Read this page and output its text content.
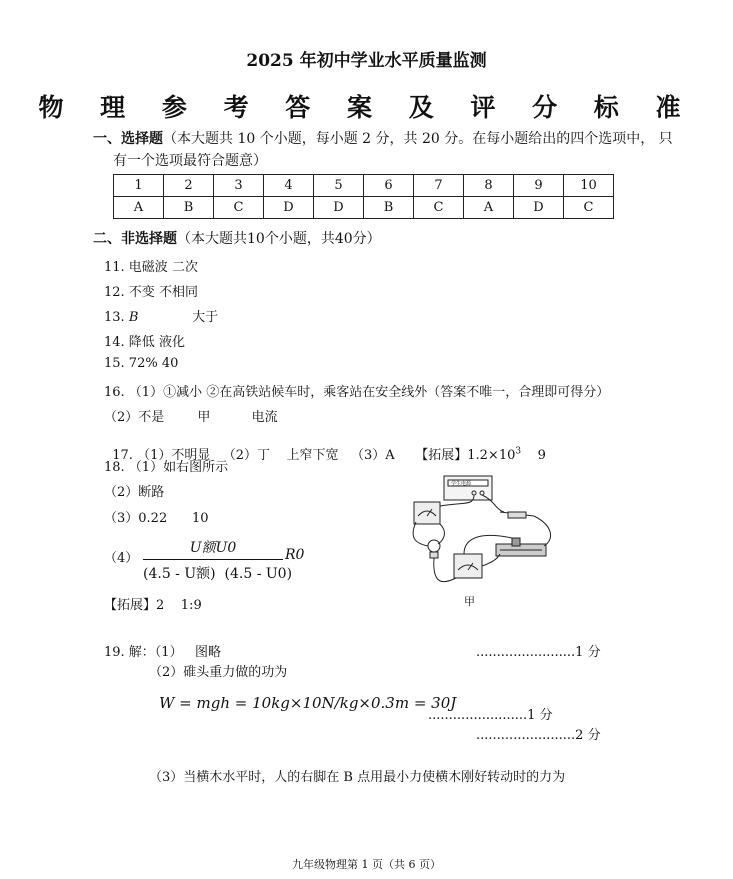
2025 年初中学业水平质量监测
物 理 参 考 答 案 及 评 分 标 准
一、选择题（本大题共 10 个小题，每小题 2 分，共 20 分。在每小题给出的四个选项中， 只
有一个选项最符合题意）
1	2	3	4	5	6	7	8	9	10
A	B	C	D	D	B	C	A	D	C
二、非选择题（本大题共10个小题，共40分）
11. 电磁波 二次
12. 不变 不相同
13. B             大于
14. 降低 液化
15. 72% 40
16. （1）①减小 ②在高铁站候车时，乘客站在安全线外（答案不唯一，合理即可得分）
（2）不是        甲          电流

17. （1）不明显   （2）丁    上窄下宽   （3）A     【拓展】$1.2\times 10^3$    9

18. （1）如右图所示
（2）断路
（3）0.22      10
（4）
U额U0
(4.5 - U额)  (4.5 - U0)
R0
【拓展】2    1:9
学生电源
甲
19. 解：（1）   图略	........................1 分
（2）碓头重力做的功为
W = mgh = 10kg×10N/kg×0.3m = 30J
........................1 分
........................2 分
（3）当横木水平时，人的右脚在 B 点用最小力使横木刚好转动时的力为
九年级物理第 1 页（共 6 页）
